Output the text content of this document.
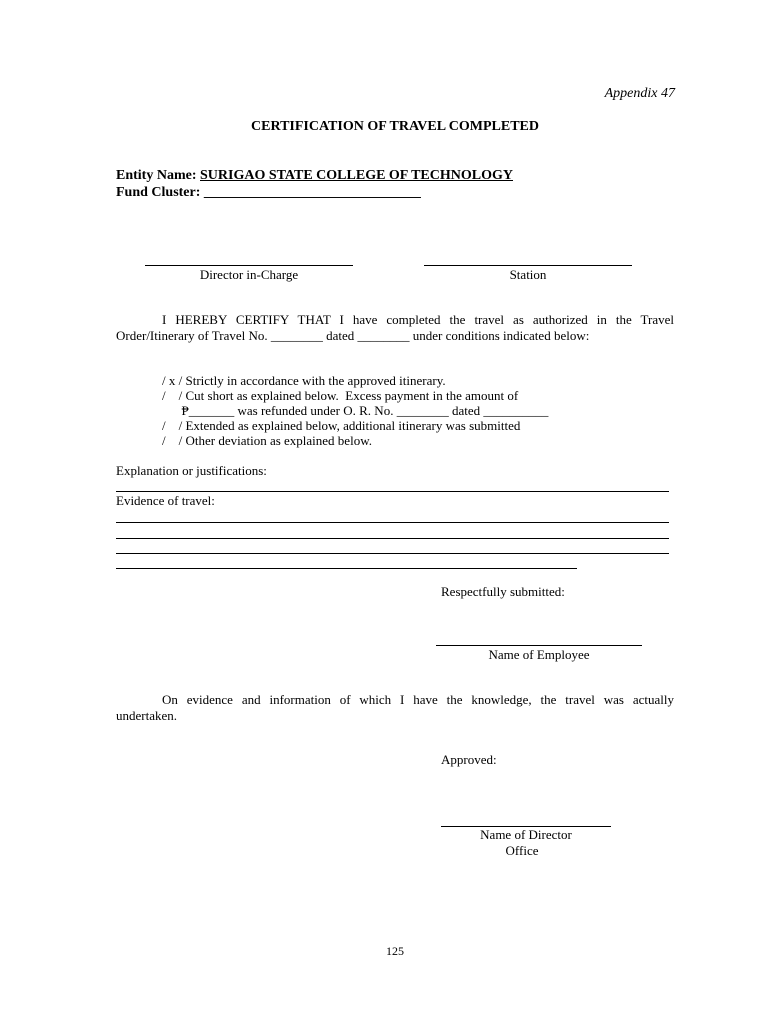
Appendix 47
CERTIFICATION OF TRAVEL COMPLETED
Entity Name: SURIGAO STATE COLLEGE OF TECHNOLOGY
Fund Cluster: _______________________________
Director in-Charge	Station
I HEREBY CERTIFY THAT I have completed the travel as authorized in the Travel
Order/Itinerary of Travel No. ________ dated ________ under conditions indicated below:
/ x / Strictly in accordance with the approved itinerary.
/    / Cut short as explained below.  Excess payment in the amount of
₱_______ was refunded under O. R. No. ________ dated __________
/    / Extended as explained below, additional itinerary was submitted
/    / Other deviation as explained below.
Explanation or justifications:
Evidence of travel:
Respectfully submitted:
Name of Employee
On evidence and information of which I have the knowledge, the travel was actually
undertaken.
Approved:
Name of Director
Office
125
